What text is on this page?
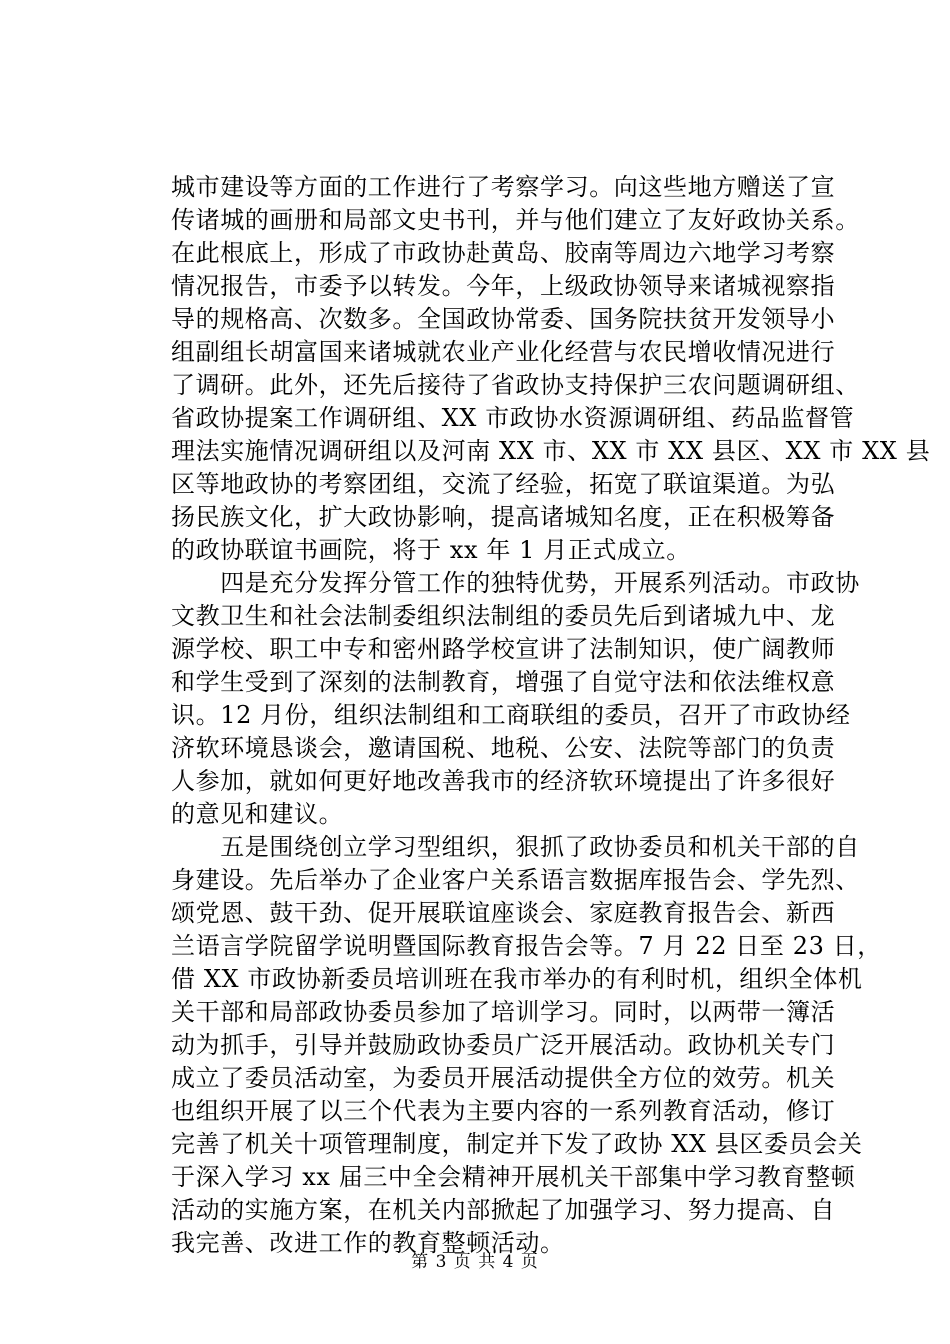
城市建设等方面的工作进行了考察学习。向这些地方赠送了宣
传诸城的画册和局部文史书刊，并与他们建立了友好政协关系。
在此根底上，形成了市政协赴黄岛、胶南等周边六地学习考察
情况报告，市委予以转发。今年，上级政协领导来诸城视察指
导的规格高、次数多。全国政协常委、国务院扶贫开发领导小
组副组长胡富国来诸城就农业产业化经营与农民增收情况进行
了调研。此外，还先后接待了省政协支持保护三农问题调研组、
省政协提案工作调研组、XX 市政协水资源调研组、药品监督管
理法实施情况调研组以及河南 XX 市、XX 市 XX 县区、XX 市 XX 县
区等地政协的考察团组，交流了经验，拓宽了联谊渠道。为弘
扬民族文化，扩大政协影响，提高诸城知名度，正在积极筹备
的政协联谊书画院，将于 xx 年 1 月正式成立。
　　四是充分发挥分管工作的独特优势，开展系列活动。市政协
文教卫生和社会法制委组织法制组的委员先后到诸城九中、龙
源学校、职工中专和密州路学校宣讲了法制知识，使广阔教师
和学生受到了深刻的法制教育，增强了自觉守法和依法维权意
识。12 月份，组织法制组和工商联组的委员，召开了市政协经
济软环境恳谈会，邀请国税、地税、公安、法院等部门的负责
人参加，就如何更好地改善我市的经济软环境提出了许多很好
的意见和建议。
　　五是围绕创立学习型组织，狠抓了政协委员和机关干部的自
身建设。先后举办了企业客户关系语言数据库报告会、学先烈、
颂党恩、鼓干劲、促开展联谊座谈会、家庭教育报告会、新西
兰语言学院留学说明暨国际教育报告会等。7 月 22 日至 23 日，
借 XX 市政协新委员培训班在我市举办的有利时机，组织全体机
关干部和局部政协委员参加了培训学习。同时，以两带一簿活
动为抓手，引导并鼓励政协委员广泛开展活动。政协机关专门
成立了委员活动室，为委员开展活动提供全方位的效劳。机关
也组织开展了以三个代表为主要内容的一系列教育活动，修订
完善了机关十项管理制度，制定并下发了政协 XX 县区委员会关
于深入学习 xx 届三中全会精神开展机关干部集中学习教育整顿
活动的实施方案，在机关内部掀起了加强学习、努力提高、自
我完善、改进工作的教育整顿活动。
第 3 页 共 4 页
